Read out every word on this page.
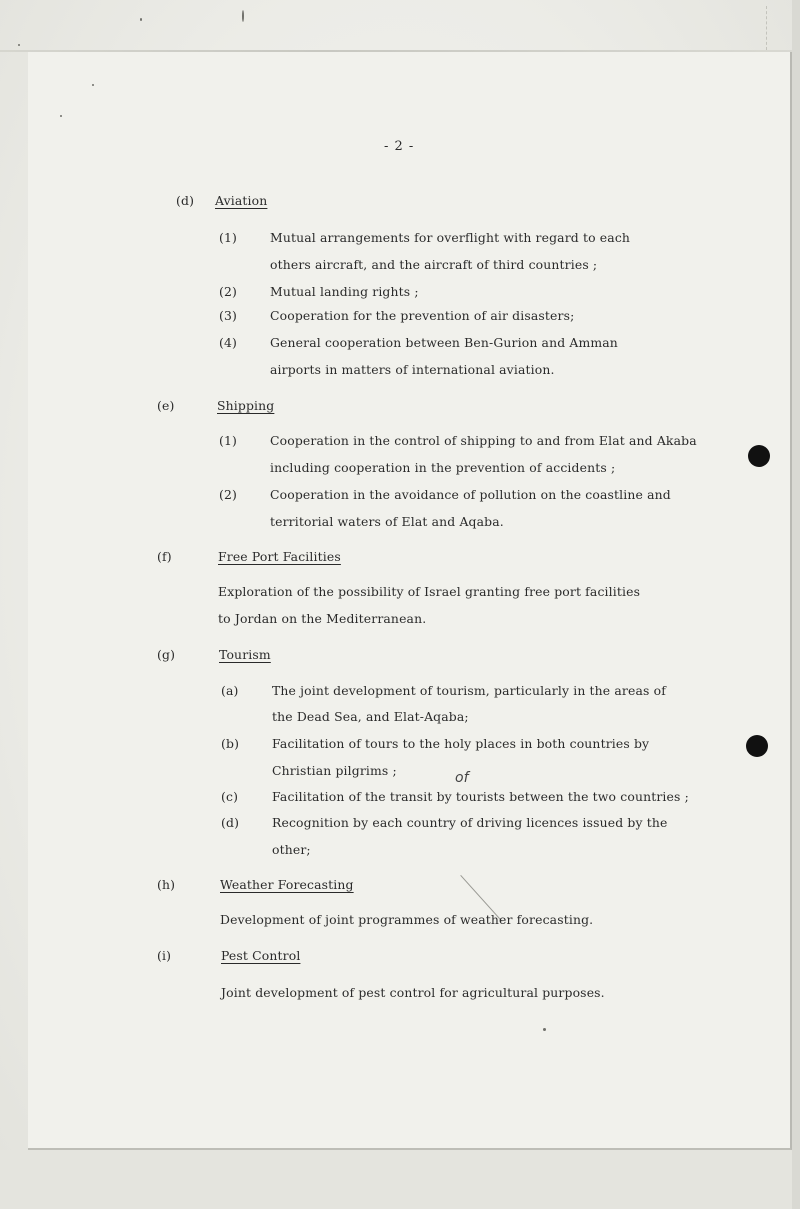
- 2 -
(d) Aviation
(1)	Mutual arrangements for overflight with regard to each
others aircraft, and the aircraft of third countries ;
(2)	Mutual landing rights ;
(3)	Cooperation for the prevention of air disasters;
(4)	General cooperation between Ben-Gurion and Amman
airports in matters of international aviation.
(e)	Shipping
(1)	Cooperation in the control of shipping to and from Elat and Akaba
including cooperation in the prevention of accidents ;
(2)	Cooperation in the avoidance of pollution on the coastline and
territorial waters of Elat and Aqaba.
(f)	Free Port Facilities
Exploration of the possibility of Israel granting free port facilities
to Jordan on the Mediterranean.
(g)	Tourism
(a)	The joint development of tourism, particularly in the areas of
the Dead Sea, and Elat-Aqaba;
(b)	Facilitation of tours to the holy places in both countries by
Christian pilgrims ;	of
(c)	Facilitation of the transit by tourists between the two countries ;
(d)	Recognition by each country of driving licences issued by the
other;
(h)	Weather Forecasting
Development of joint programmes of weather forecasting.
(i)	Pest Control
Joint development of pest control for agricultural purposes.
